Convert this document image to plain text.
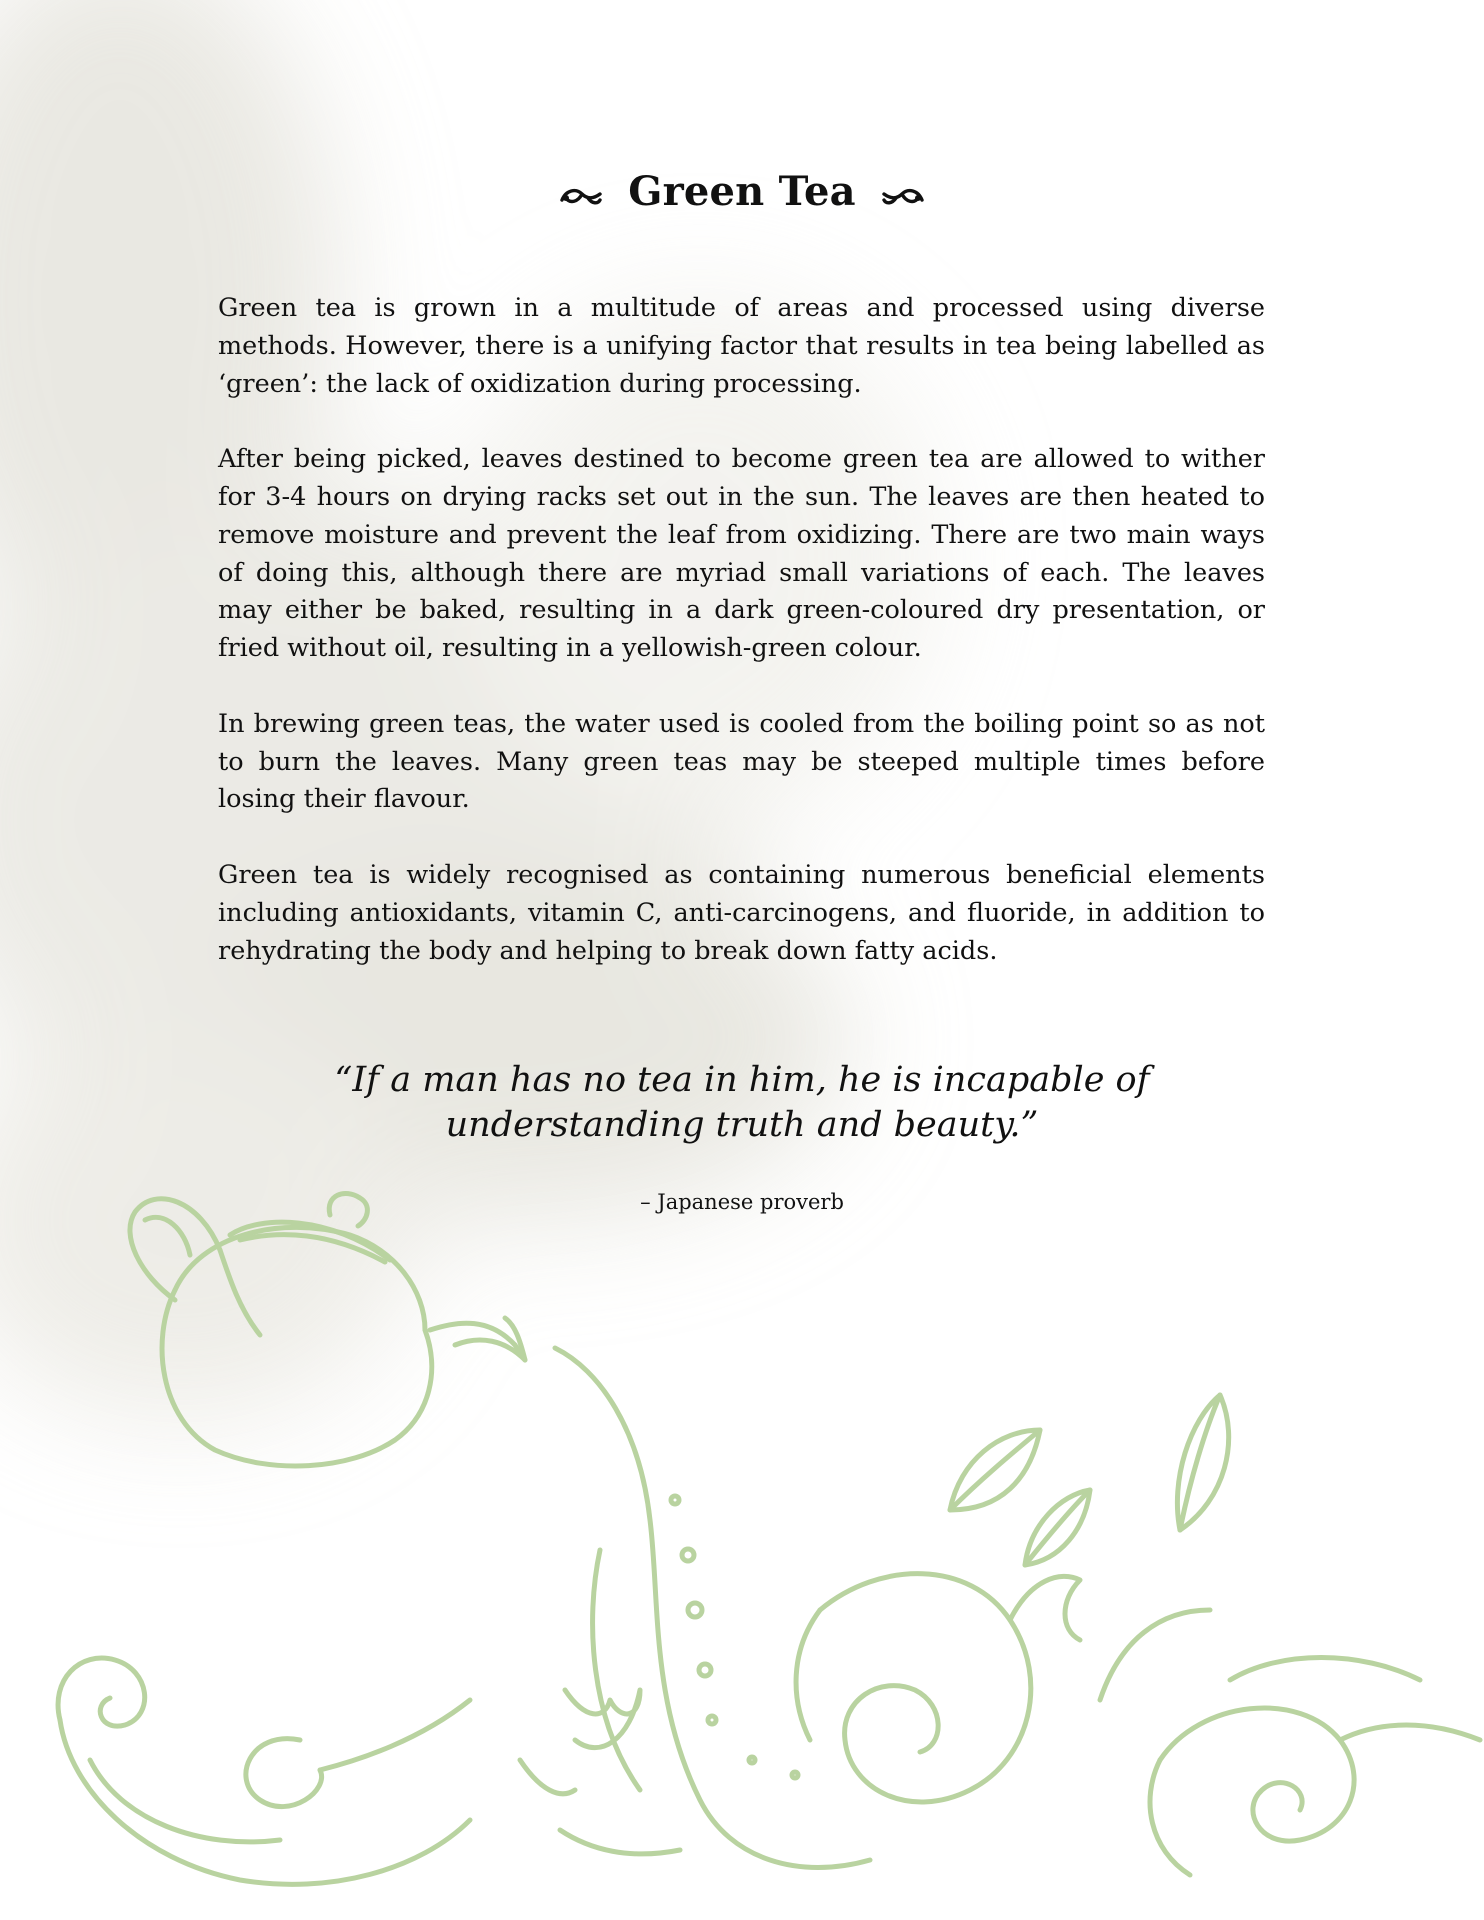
Green Tea

Green tea is grown in a multitude of areas and processed using diverse methods. However, there is a unifying factor that results in tea being labelled as ‘green’: the lack of oxidization during processing.

After being picked, leaves destined to become green tea are allowed to wither for 3-4 hours on drying racks set out in the sun. The leaves are then heated to remove moisture and prevent the leaf from oxidizing. There are two main ways of doing this, although there are myriad small variations of each. The leaves may either be baked, resulting in a dark green-coloured dry presentation, or fried without oil, resulting in a yellowish-green colour.

In brewing green teas, the water used is cooled from the boiling point so as not to burn the leaves. Many green teas may be steeped multiple times before losing their flavour.

Green tea is widely recognised as containing numerous beneficial elements including antioxidants, vitamin C, anti-carcinogens, and fluoride, in addition to rehydrating the body and helping to break down fatty acids.

“If a man has no tea in him, he is incapable of
understanding truth and beauty.”
– Japanese proverb
